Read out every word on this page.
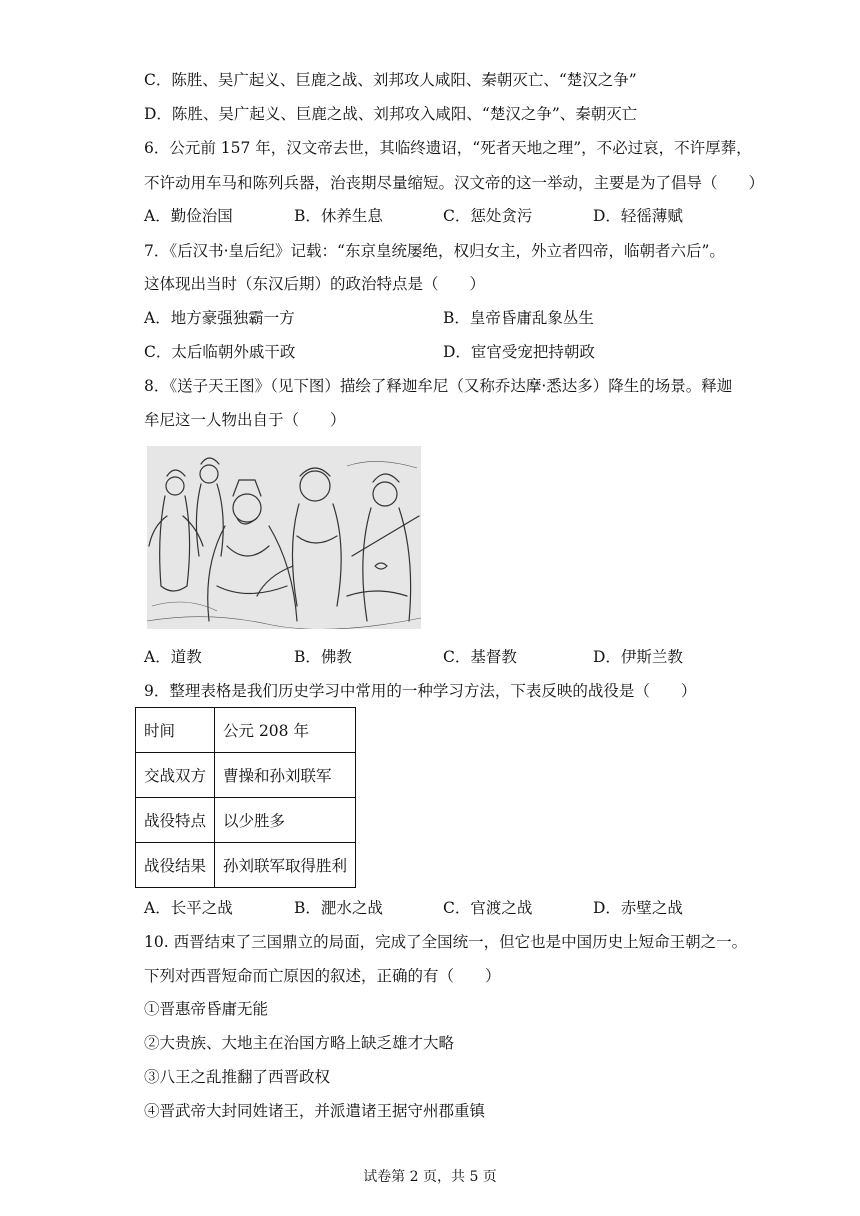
C．陈胜、吴广起义、巨鹿之战、刘邦攻人咸阳、秦朝灭亡、“楚汉之争”
D．陈胜、吴广起义、巨鹿之战、刘邦攻入咸阳、“楚汉之争”、秦朝灭亡
6．公元前 157 年，汉文帝去世，其临终遗诏，“死者天地之理”，不必过哀，不许厚葬，
不许动用车马和陈列兵器，治丧期尽量缩短。汉文帝的这一举动，主要是为了倡导（　　）
A．勤俭治国	B．休养生息	C．惩处贪污	D．轻徭薄赋
7．《后汉书·皇后纪》记载：“东京皇统屡绝，权归女主，外立者四帝，临朝者六后”。
这体现出当时（东汉后期）的政治特点是（　　）
A．地方豪强独霸一方	B．皇帝昏庸乱象丛生
C．太后临朝外戚干政	D．宦官受宠把持朝政
8．《送子天王图》（见下图）描绘了释迦牟尼（又称乔达摩·悉达多）降生的场景。释迦
牟尼这一人物出自于（　　）
A．道教	B．佛教	C．基督教	D．伊斯兰教
9．整理表格是我们历史学习中常用的一种学习方法，下表反映的战役是（　　）
时间	公元 208 年
交战双方	曹操和孙刘联军
战役特点	以少胜多
战役结果	孙刘联军取得胜利
A．长平之战	B．淝水之战	C．官渡之战	D．赤壁之战
10. 西晋结束了三国鼎立的局面，完成了全国统一，但它也是中国历史上短命王朝之一。
下列对西晋短命而亡原因的叙述，正确的有（　　）
①晋惠帝昏庸无能
②大贵族、大地主在治国方略上缺乏雄才大略
③八王之乱推翻了西晋政权
④晋武帝大封同姓诸王，并派遣诸王据守州郡重镇
试卷第 2 页，共 5 页
